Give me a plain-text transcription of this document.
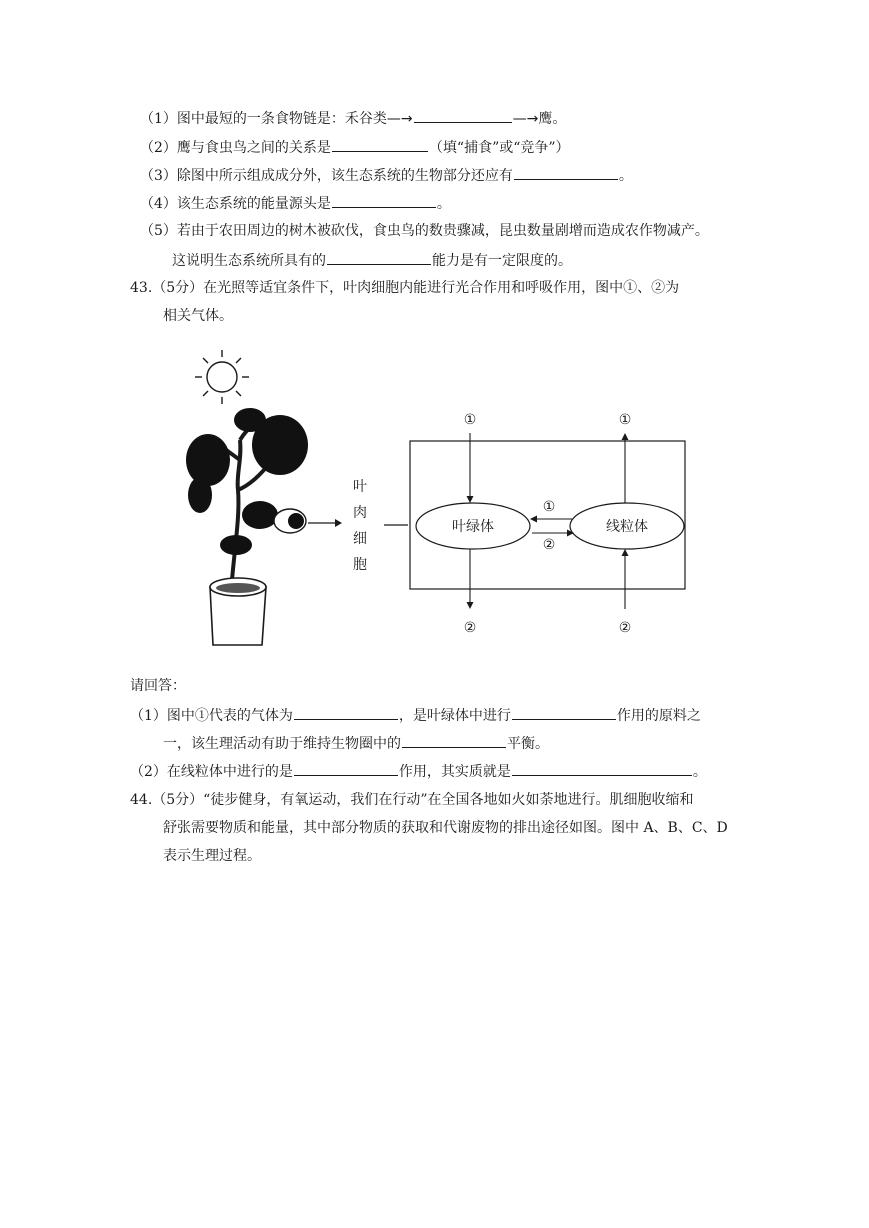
（1）图中最短的一条食物链是：禾谷类—→	—→鹰。
（2）鹰与食虫鸟之间的关系是	（填“捕食”或“竞争”）
（3）除图中所示组成成分外，该生态系统的生物部分还应有	。
（4）该生态系统的能量源头是	。
（5）若由于农田周边的树木被砍伐，食虫鸟的数贵骤减，昆虫数量剧增而造成农作物减产。
这说明生态系统所具有的	能力是有一定限度的。
43.（5分）在光照等适宜条件下，叶肉细胞内能进行光合作用和呼吸作用，图中①、②为
相关气体。
叶
肉
细
胞
叶绿体	线粒体
①
②
①
②
①
②
请回答：
（1）图中①代表的气体为	，是叶绿体中进行	作用的原料之
一，该生理活动有助于维持生物圈中的	平衡。
（2）在线粒体中进行的是	作用，其实质就是	。
44.（5分）“徒步健身，有氧运动，我们在行动”在全国各地如火如荼地进行。肌细胞收缩和
舒张需要物质和能量，其中部分物质的获取和代谢废物的排出途径如图。图中 A、B、C、D
表示生理过程。
